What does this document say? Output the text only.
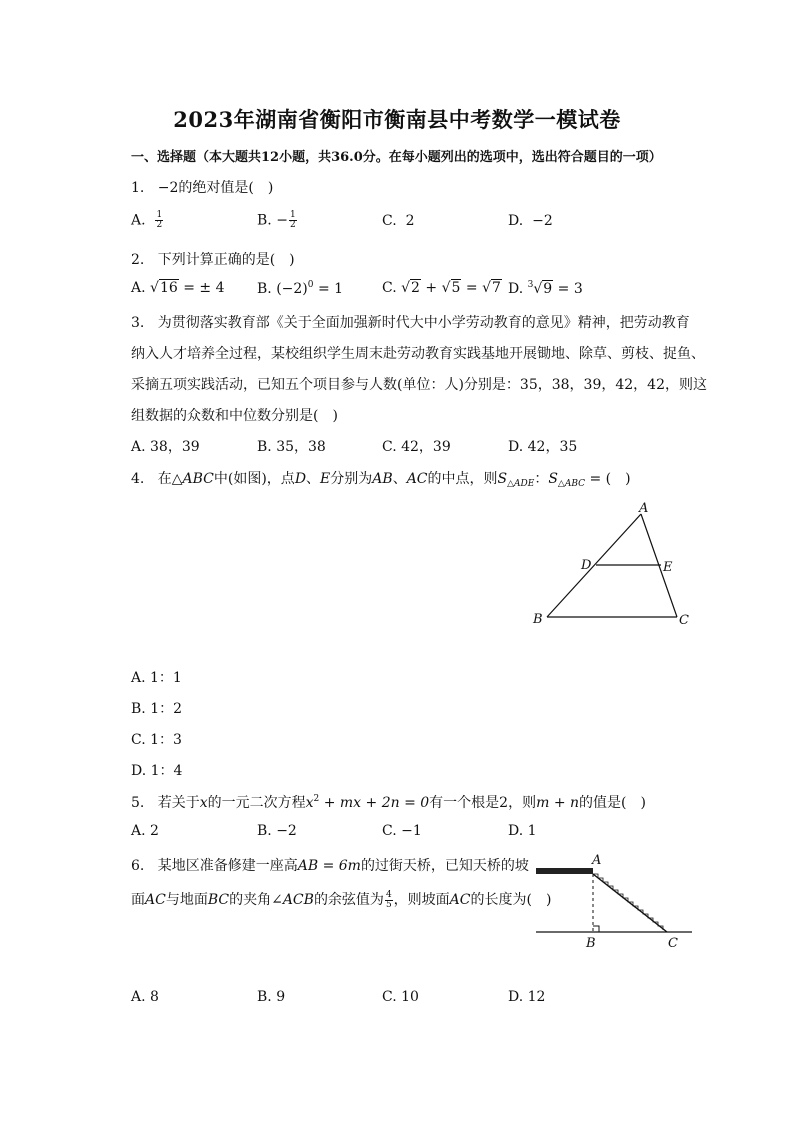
2023年湖南省衡阳市衡南县中考数学一模试卷
一、选择题（本大题共12小题，共36.0分。在每小题列出的选项中，选出符合题目的一项）
1. −2的绝对值是(　)
A. $\frac{1}{2}$	B. − $\frac{1}{2}$	C. 2	D. −2
2. 下列计算正确的是(　)
A. √16 = ± 4 B. $(-2)^0 = 1$	C. √2 + √5 = √7 D. $^3$√9 = 3
3. 为贯彻落实教育部《关于全面加强新时代大中小学劳动教育的意见》精神，把劳动教育
纳入人才培养全过程，某校组织学生周末赴劳动教育实践基地开展锄地、除草、剪枝、捉鱼、
采摘五项实践活动，已知五个项目参与人数(单位：人)分别是：35，38，39，42，42，则这
组数据的众数和中位数分别是(　)
A. 38，39	B. 35，38	C. 42，39	D. 42，35
4. 在△ABC中(如图)，点D、E分别为AB、AC的中点，则$S_{\triangle ADE}$：$S_{\triangle ABC}$ = (　)
A
B	C
D	E
A. 1：1
B. 1：2
C. 1：3
D. 1：4
5. 若关于x的一元二次方程$x^2$ + mx + 2n = 0有一个根是2，则m + n的值是(　)
A. 2	B. −2	C. −1	D. 1
6. 某地区准备修建一座高AB = 6m的过街天桥，已知天桥的坡
面AC与地面BC的夹角∠ACB的余弦值为 $\frac{4}{5}$ ，则坡面AC的长度为(　)
A
B	C
A. 8	B. 9	C. 10	D. 12
